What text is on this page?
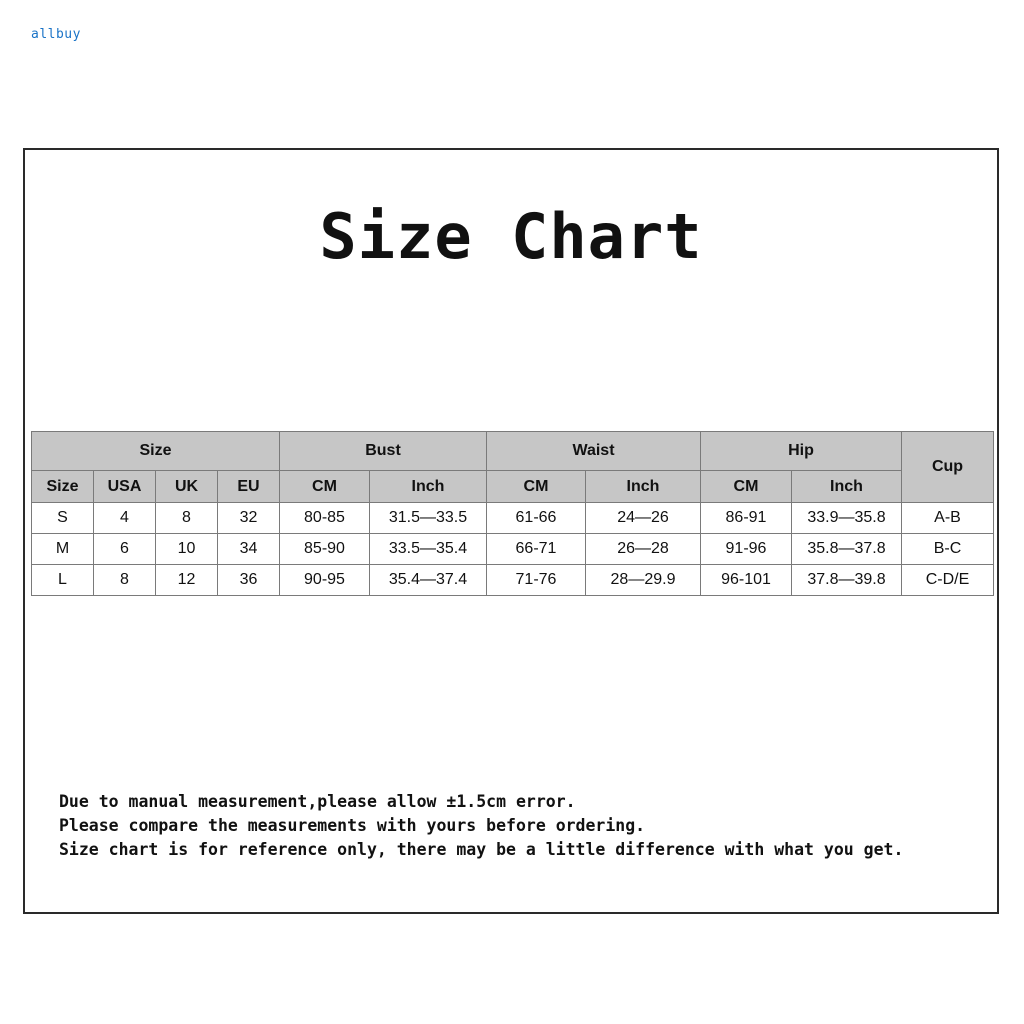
allbuy
Size Chart
Size				Bust		Waist		Hip		Cup
Size	USA	UK	EU	CM	Inch	CM	Inch	CM	Inch	
S	4	8	32	80-85	31.5—33.5	61-66	24—26	86-91	33.9—35.8	A-B
M	6	10	34	85-90	33.5—35.4	66-71	26—28	91-96	35.8—37.8	B-C
L	8	12	36	90-95	35.4—37.4	71-76	28—29.9	96-101	37.8—39.8	C-D/E
Due to manual measurement,please allow ±1.5cm error.
Please compare the measurements with yours before ordering.
Size chart is for reference only, there may be a little difference with what you get.
